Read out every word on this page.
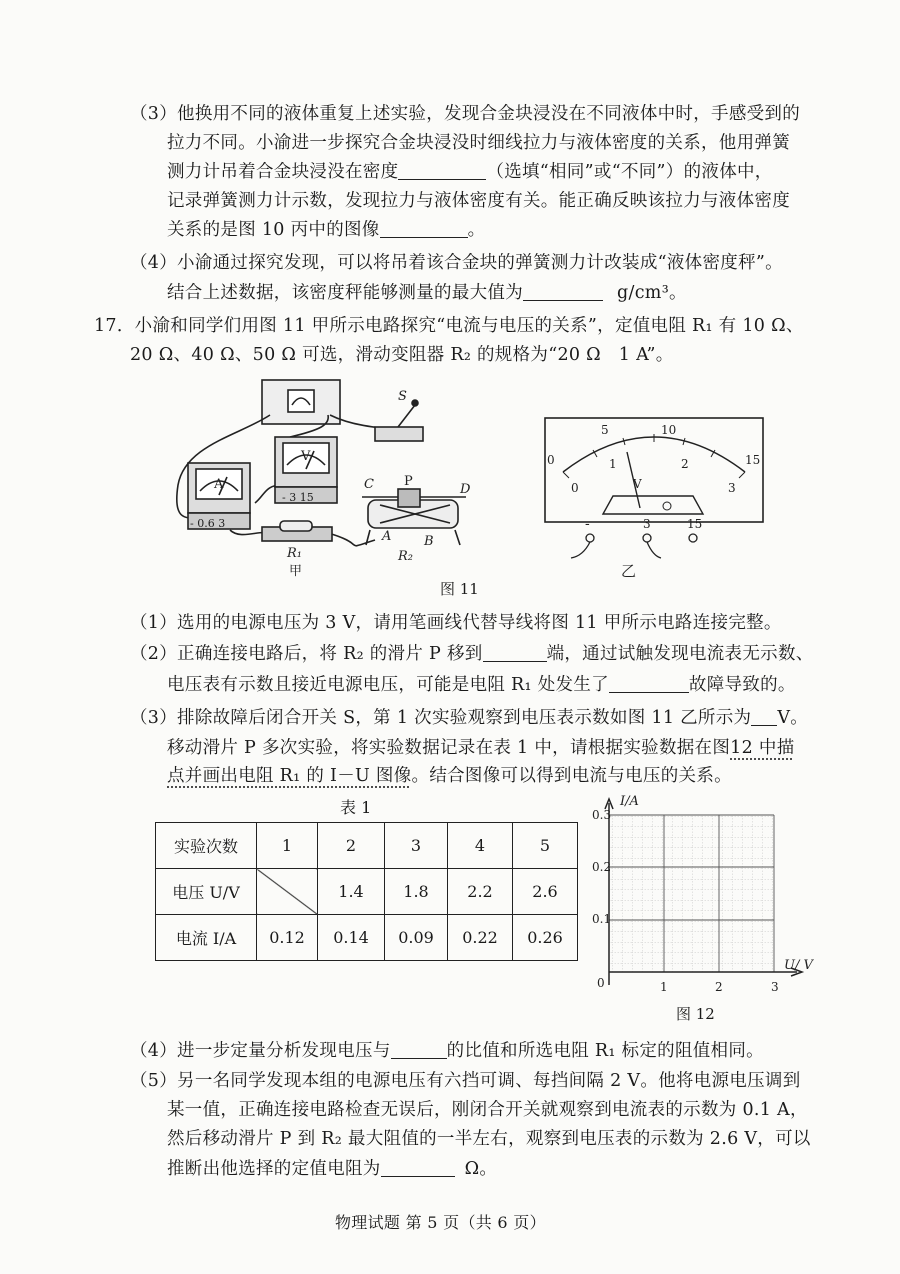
（3）他换用不同的液体重复上述实验，发现合金块浸没在不同液体中时，手感受到的
拉力不同。小渝进一步探究合金块浸没时细线拉力与液体密度的关系，他用弹簧
测力计吊着合金块浸没在密度	（选填“相同”或“不同”）的液体中，
记录弹簧测力计示数，发现拉力与液体密度有关。能正确反映该拉力与液体密度
关系的是图 10 丙中的图像	。
（4）小渝通过探究发现，可以将吊着该合金块的弹簧测力计改装成“液体密度秤”。
结合上述数据，该密度秤能够测量的最大值为	g/cm³。
17．小渝和同学们用图 11 甲所示电路探究“电流与电压的关系”，定值电阻 R₁ 有 10 Ω、
20 Ω、40 Ω、50 Ω 可选，滑动变阻器 R₂ 的规格为“20 Ω　1 A”。
S
A
V
- 0.6 3
- 3 15
C P
D
A	B
R₂
R₁
甲
0
5	10
15
0
1	2
3
V
-	3	15
乙
图 11
（1）选用的电源电压为 3 V，请用笔画线代替导线将图 11 甲所示电路连接完整。
（2）正确连接电路后，将 R₂ 的滑片 P 移到	端，通过试触发现电流表无示数、
电压表有示数且接近电源电压，可能是电阻 R₁ 处发生了	故障导致的。
（3）排除故障后闭合开关 S，第 1 次实验观察到电压表示数如图 11 乙所示为 V。
移动滑片 P 多次实验，将实验数据记录在表 1 中，请根据实验数据在图12 中描
点并画出电阻 R₁ 的 I－U 图像。结合图像可以得到电流与电压的关系。
表 1
实验次数	1	2	3	4	5
电压 U/V		1.4	1.8	2.2	2.6
电流 I/A	0.12	0.14	0.09	0.22	0.26
I/A
0.1
0.2
0.3
0	1	2	3
U/ V
图 12
（4）进一步定量分析发现电压与	的比值和所选电阻 R₁ 标定的阻值相同。
（5）另一名同学发现本组的电源电压有六挡可调、每挡间隔 2 V。他将电源电压调到
某一值，正确连接电路检查无误后，刚闭合开关就观察到电流表的示数为 0.1 A，
然后移动滑片 P 到 R₂ 最大阻值的一半左右，观察到电压表的示数为 2.6 V，可以
推断出他选择的定值电阻为	Ω。
物理试题 第 5 页（共 6 页）
